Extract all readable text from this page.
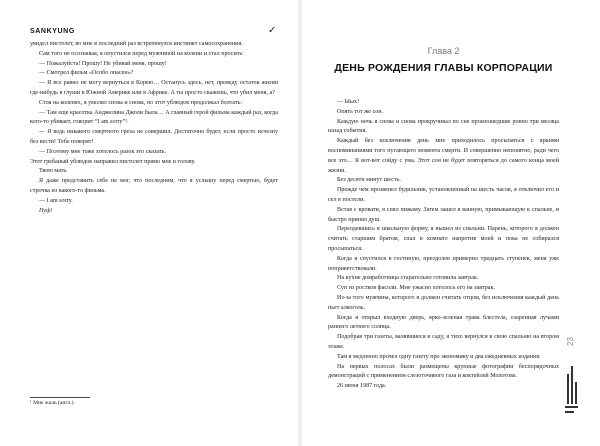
SANKYUNG	✓

увидел пистолет, во мне в последний раз встрепенулся инстинкт самосохранения.

Сам того не осознавая, я опустился перед мужчиной на колени и стал просить:

— Пожалуйста! Прошу! Не убивай меня, прошу!

— Смотрел фильм «Особо опасен»?

— Я все равно не могу вернуться в Корею… Останусь здесь, нет, проведу остаток жизни где-нибудь в глуши в Южной Америке или в Африке. А ты просто скажешь, что убил меня, а?

Стоя на коленях, я умолял снова и снова, но этот ублюдок продолжал болтать:

— Там еще красотка Анджелина Джоли была… А главный герой фильма каждый раз, когда кого-то убивает, говорит “I am sorry”¹.

— Я ведь никакого смертного греха не совершил. Достаточно будет, если просто исчезну без вести! Тебе поверят!

— Поэтому мне тоже хотелось разок это сказать.

Этот гребаный ублюдок направил пистолет прямо мне в голову.

Твою мать.

Я даже представить себе не мог, что последним, что я услышу перед смертью, будет строчка из какого-то фильма.

— I am sorry.

Пуф!

¹ Мне жаль (англ.).
Глава 2
ДЕНЬ РОЖДЕНИЯ ГЛАВЫ КОРПОРАЦИИ

— Ыых!

Опять тот же сон.

Каждую ночь я снова и снова прокручивал во сне произошедшие ровно три месяца назад события.

Каждый без исключения день мне приходилось просыпаться с яркими воспоминаниями того пугающего момента смерти. И совершенно непонятно, ради чего все это… Я вот-вот сойду с ума. Этот сон не будет повторяться до самого конца моей жизни.

Без десяти минут шесть.

Прежде чем прозвенел будильник, установленный на шесть часов, я отключил его и сел в постели.

Встав с кровати, я снял пижаму. Затем зашел в ванную, примыкающую к спальне, и быстро принял душ.

Переодевшись в школьную форму, я вышел из спальни. Парень, которого я должен считать старшим братом, спал в комнате напротив моей и пока не собирался просыпаться.

Когда я спустился в гостиную, преодолев примерно тридцать ступенек, меня уже поприветствовали.

На кухне домработница старательно готовила завтрак.

Суп из ростков фасоли. Мне ужасно хотелось его на завтрак.

Из-за того мужчина, которого я должен считать отцом, без исключения каждый день пьет алкоголь.

Когда я открыл входную дверь, ярко-зеленая трава блестела, озаренная лучами раннего летнего солнца.

Подобрав три газеты, валявшиеся в саду, я тихо вернулся в свою спальню на втором этаже.

Там я медленно прочел одну газету про экономику и два ежедневных издания.

На первых полосах были размещены крупные фотографии беспорядочных демонстраций с применением слезоточивого газа и коктейлей Молотова.

26 июня 1987 года.

23
